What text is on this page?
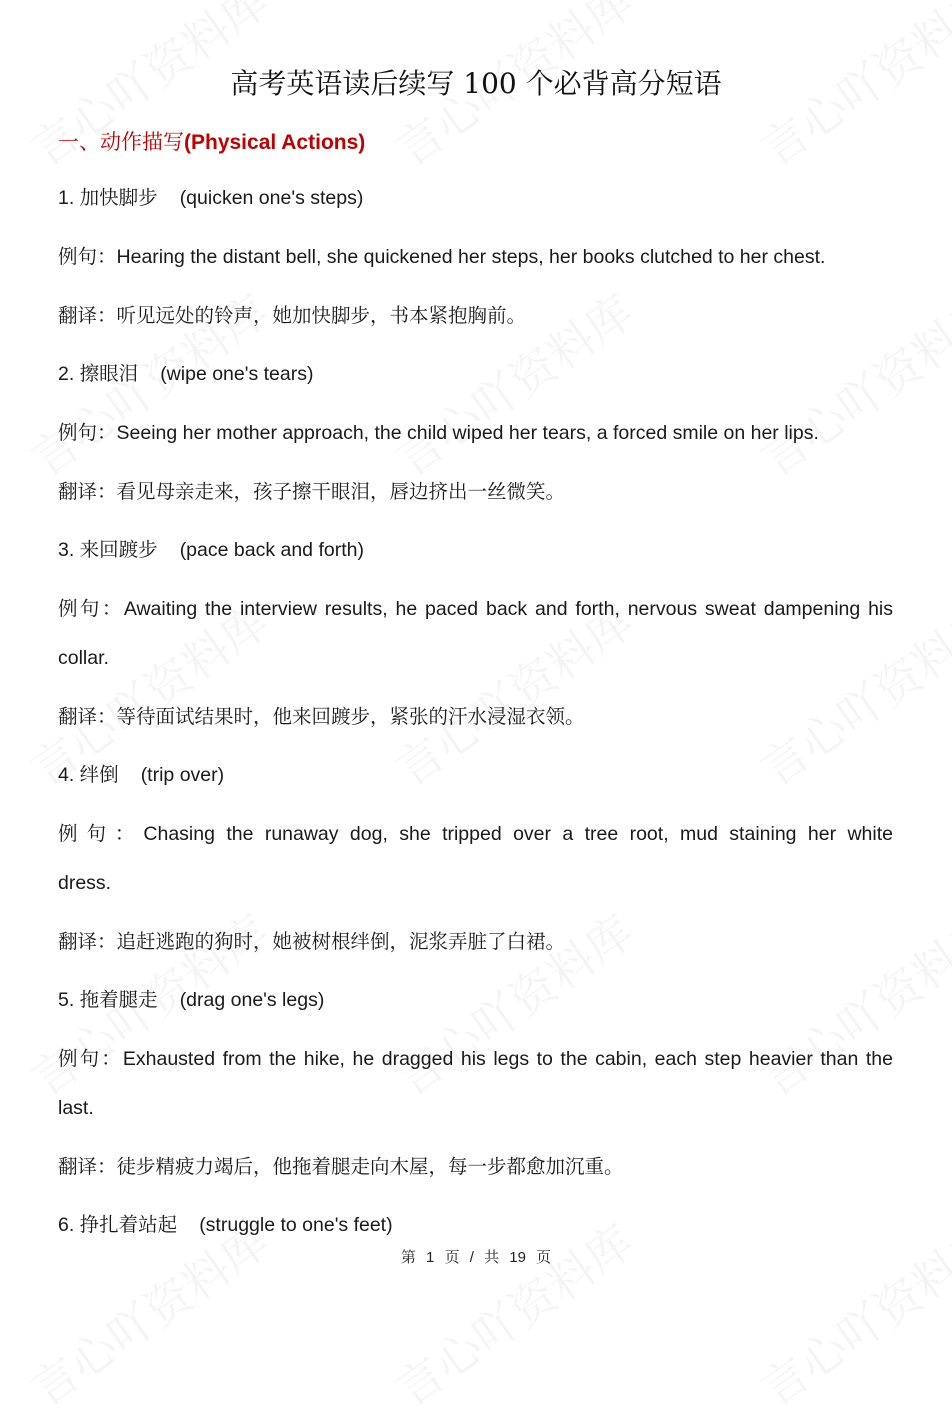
高考英语读后续写 100 个必背高分短语
一、动作描写(Physical Actions)
1. 加快脚步 (quicken one's steps)
例句：Hearing the distant bell, she quickened her steps, her books clutched to her chest.
翻译：听见远处的铃声，她加快脚步，书本紧抱胸前。
2. 擦眼泪 (wipe one's tears)
例句：Seeing her mother approach, the child wiped her tears, a forced smile on her lips.
翻译：看见母亲走来，孩子擦干眼泪，唇边挤出一丝微笑。
3. 来回踱步 (pace back and forth)
例句：Awaiting the interview results, he paced back and forth, nervous sweat dampening his collar.
翻译：等待面试结果时，他来回踱步，紧张的汗水浸湿衣领。
4. 绊倒 (trip over)
例句：Chasing the runaway dog, she tripped over a tree root, mud staining her white dress.
翻译：追赶逃跑的狗时，她被树根绊倒，泥浆弄脏了白裙。
5. 拖着腿走 (drag one's legs)
例句：Exhausted from the hike, he dragged his legs to the cabin, each step heavier than the last.
翻译：徒步精疲力竭后，他拖着腿走向木屋，每一步都愈加沉重。
6. 挣扎着站起 (struggle to one's feet)
第 1 页 / 共 19 页
